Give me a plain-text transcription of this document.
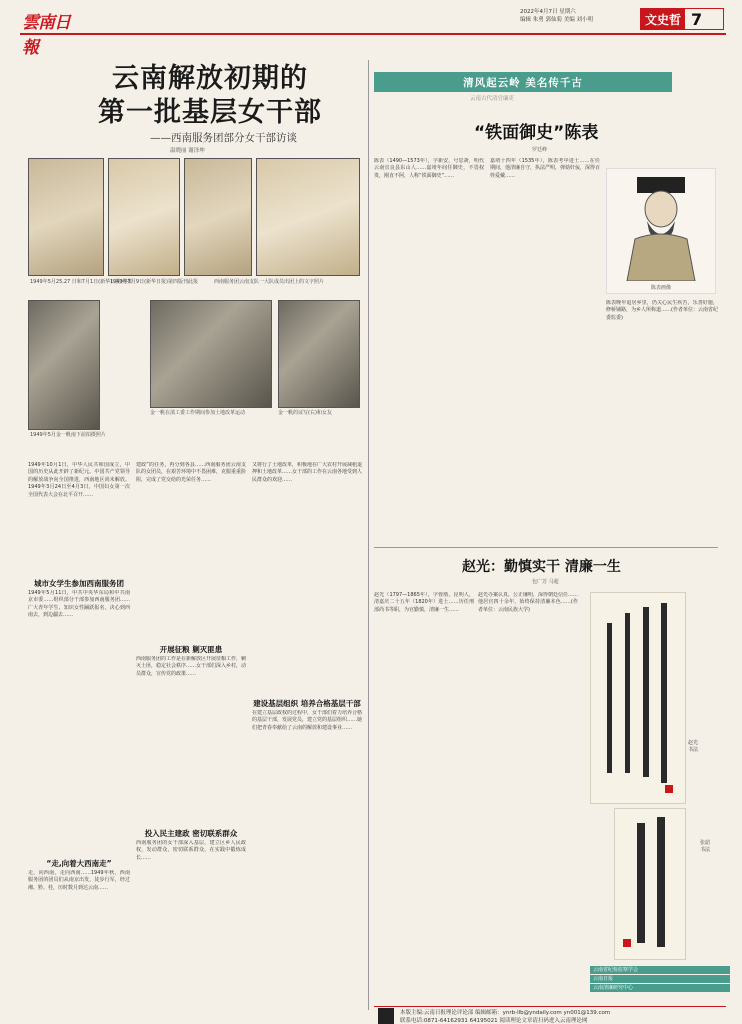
雲南日報
2022年4月7日 星期六
编辑 朱勇 郭仙菊 美编 刘小明	文史哲 7
云南解放初期的
第一批基层女干部
——西南服务团部分女干部访谈
温晓丽 谢泽坤
1949年5月25,27 日和7月1日(新华日报)剪报
1949年7月9日(新华日报)第四版刊此报	西南服务团云南支队一大队成员出团上的文字照片
1949年5月金一帆南下前拍摄照片
金一帆在滇工委工作期间参加土地改革运动	金一帆的证写(右)和女友
1949年10月1日，中华人民共和国成立，中国的历史从此开辟了新纪元。中国共产党领导的解放战争向全国推进，西南地区尚未解放。1949年3月24日至4月3日，中国妇女第一次全国代表大会在北平召开……
城市女学生参加西南服务团
1949年5月11日，中共中央华东局和中共南京市委……组织部分干部参加西南服务团……广大青年学生、知识女性踊跃报名，决心到西南去，到边疆去……
“走,向着大西南走”
走，向西南，走向西南……1949年秋，西南服务团的团员们从南京出发，徒步行军，经过湘、黔、桂，历时数月到达云南……
建政”的任务，再分到各县……西南服务团云南支队的女团员，在艰苦环境中不畏困难，克服重重险阻，完成了党交给的光荣任务……
开展征粮 剿灭匪患
西南服务团的工作是在新解放区开展征粮工作，剿灭土匪，稳定社会秩序……女干部们深入乡村，动员群众，宣传党的政策……
投入民主建政 密切联系群众
西南服务团的女干部深入基层，建立区乡人民政权，发动群众，密切联系群众，在实践中锻炼成长……
又将行了土地改革，积极地在广大农村开展减租退押和土地改革……女干部的工作在云南各地受到人民群众的欢迎……
建设基层组织 培养合格基层干部
在建立基层政权的过程中，女干部们着力培养合格的基层干部，发展党员，建立党的基层组织……她们把青春奉献给了云南的解放和建设事业……
清风起云岭 美名传千古
云南古代清官廉吏
“铁面御史”陈表
罗廷峰
陈表（1490—1573年），字新安，号思斋，明代云南宜良县东山人……嘉靖年间任御史，不畏权贵，刚直不阿，人称“铁面御史”……
嘉靖十四年（1535年），陈表考中进士……在任期间，他清廉自守，执法严明，弹劾奸佞，深得百姓爱戴……
陈表画像
陈表晚年退居乡里，仍关心民生疾苦，乐善好施，修桥铺路，为乡人所称道……(作者单位：云南省纪委监委)
赵光：勤慎实干 清廉一生
包广芳 马超
赵光（1797—1865年），字蓉舫，昆明人，清嘉庆二十五年（1820年）进士……历任刑部尚书等职，为官勤慎，清廉一生……
赵光办案认真，公正廉明，深得朝廷信任……他居官四十余年，始终保持清廉本色……(作者单位：云南民族大学)
赵光书法
张韶书法
云南省纪检监察学会
云南日报
云南清廉研究中心
本版主编:云南日报理论评论部 编辑邮箱：ynrb-llb@yndaily.com yn001@139.com
联系电话:0871-64162931 64195021 阅读理论文章请扫码进入云南理论网
